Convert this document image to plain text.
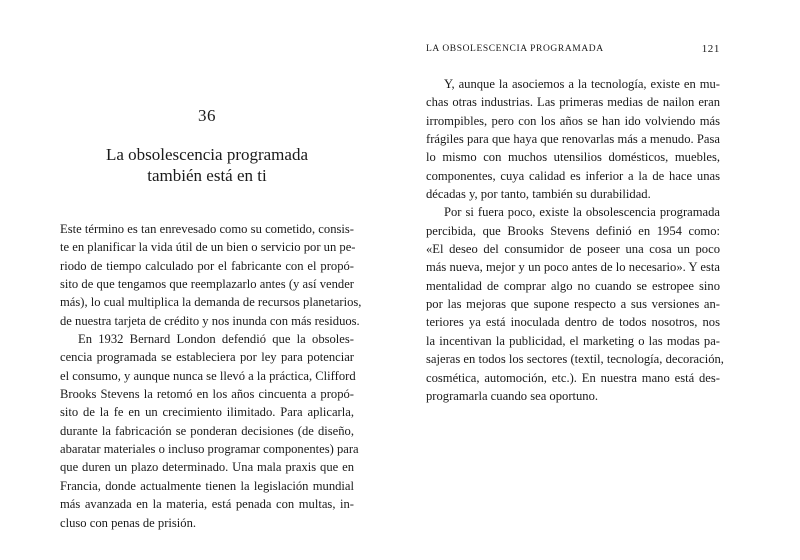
36
La obsolescencia programada
también está en ti
Este término es tan enrevesado como su cometido, consis-
te en planificar la vida útil de un bien o servicio por un pe-
riodo de tiempo calculado por el fabricante con el propó-
sito de que tengamos que reemplazarlo antes (y así vender
más), lo cual multiplica la demanda de recursos planetarios,
de nuestra tarjeta de crédito y nos inunda con más residuos.
En 1932 Bernard London defendió que la obsoles-
cencia programada se estableciera por ley para potenciar
el consumo, y aunque nunca se llevó a la práctica, Clifford
Brooks Stevens la retomó en los años cincuenta a propó-
sito de la fe en un crecimiento ilimitado. Para aplicarla,
durante la fabricación se ponderan decisiones (de diseño,
abaratar materiales o incluso programar componentes) para
que duren un plazo determinado. Una mala praxis que en
Francia, donde actualmente tienen la legislación mundial
más avanzada en la materia, está penada con multas, in-
cluso con penas de prisión.
LA OBSOLESCENCIA PROGRAMADA	121
Y, aunque la asociemos a la tecnología, existe en mu-
chas otras industrias. Las primeras medias de nailon eran
irrompibles, pero con los años se han ido volviendo más
frágiles para que haya que renovarlas más a menudo. Pasa
lo mismo con muchos utensilios domésticos, muebles,
componentes, cuya calidad es inferior a la de hace unas
décadas y, por tanto, también su durabilidad.
Por si fuera poco, existe la obsolescencia programada
percibida, que Brooks Stevens definió en 1954 como:
«El deseo del consumidor de poseer una cosa un poco
más nueva, mejor y un poco antes de lo necesario». Y esta
mentalidad de comprar algo no cuando se estropee sino
por las mejoras que supone respecto a sus versiones an-
teriores ya está inoculada dentro de todos nosotros, nos
la incentivan la publicidad, el marketing o las modas pa-
sajeras en todos los sectores (textil, tecnología, decoración,
cosmética, automoción, etc.). En nuestra mano está des-
programarla cuando sea oportuno.
